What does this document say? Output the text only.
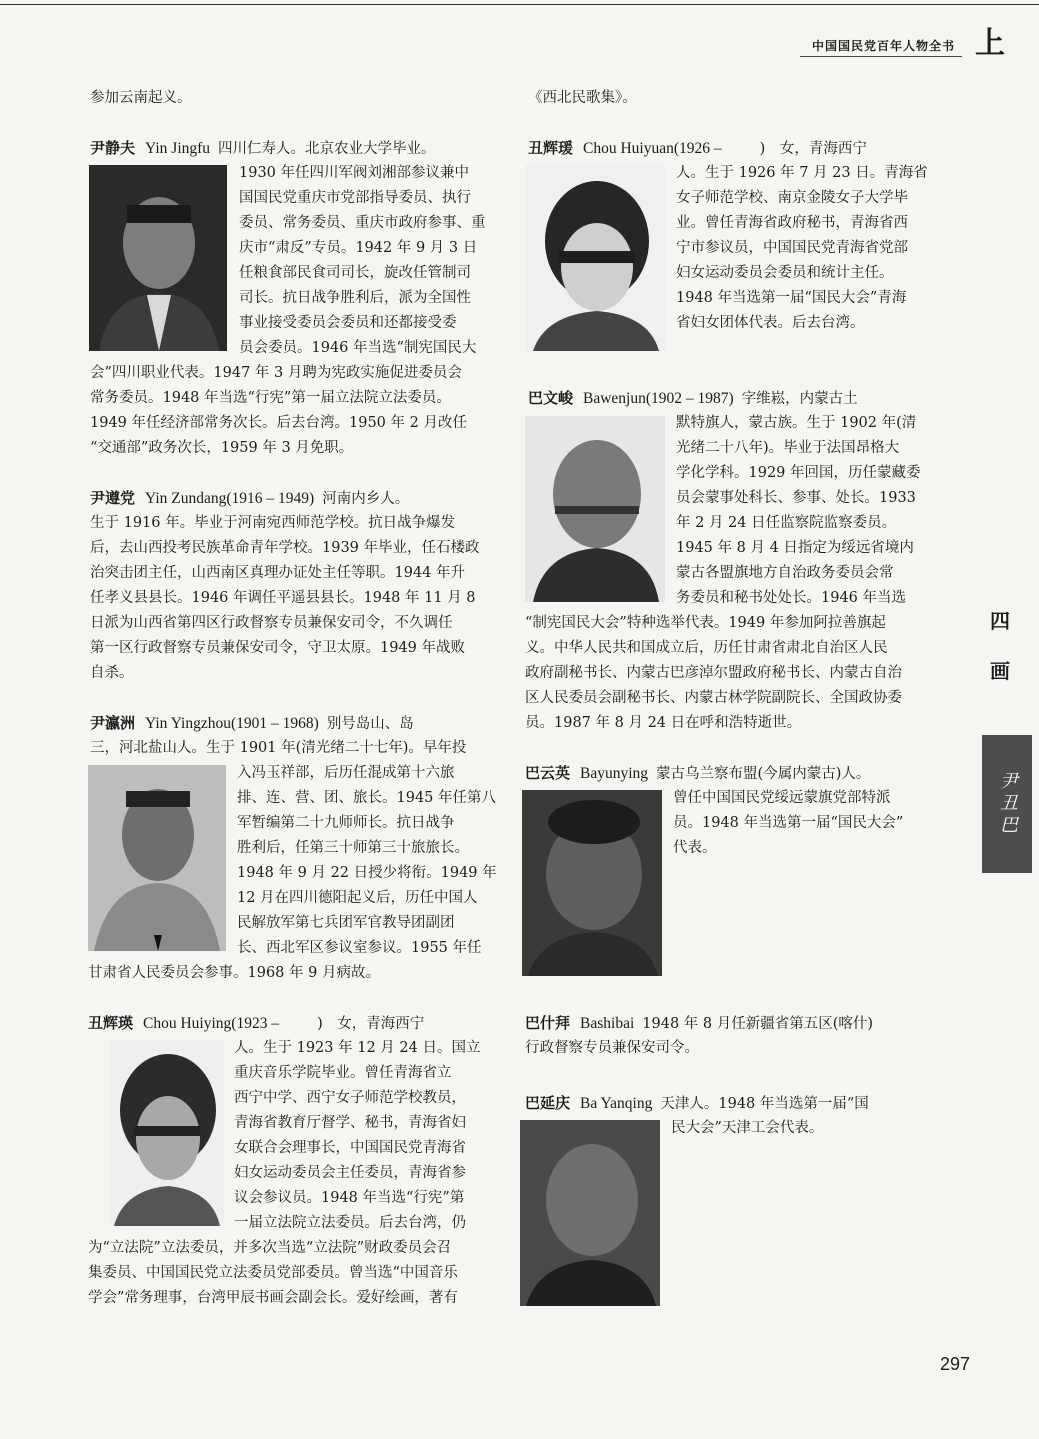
中国国民党百年人物全书 上
参加云南起义。
尹静夫 Yin Jingfu 四川仁寿人。北京农业大学毕业。
1930 年任四川军阀刘湘部参议兼中
国国民党重庆市党部指导委员、执行
委员、常务委员、重庆市政府参事、重
庆市“肃反”专员。1942 年 9 月 3 日
任粮食部民食司司长，旋改任管制司
司长。抗日战争胜利后，派为全国性
事业接受委员会委员和还都接受委
员会委员。1946 年当选“制宪国民大
会”四川职业代表。1947 年 3 月聘为宪政实施促进委员会
常务委员。1948 年当选“行宪”第一届立法院立法委员。
1949 年任经济部常务次长。后去台湾。1950 年 2 月改任
“交通部”政务次长，1959 年 3 月免职。
尹遵党 Yin Zundang(1916 – 1949) 河南内乡人。
生于 1916 年。毕业于河南宛西师范学校。抗日战争爆发
后，去山西投考民族革命青年学校。1939 年毕业，任石楼政
治突击团主任，山西南区真理办证处主任等职。1944 年升
任孝义县县长。1946 年调任平遥县县长。1948 年 11 月 8
日派为山西省第四区行政督察专员兼保安司令，不久调任
第一区行政督察专员兼保安司令，守卫太原。1949 年战败
自杀。
尹瀛洲 Yin Yingzhou(1901 – 1968) 别号岛山、岛
三，河北盐山人。生于 1901 年(清光绪二十七年)。早年投
入冯玉祥部，后历任混成第十六旅
排、连、营、团、旅长。1945 年任第八
军暂编第二十九师师长。抗日战争
胜利后，任第三十师第三十旅旅长。
1948 年 9 月 22 日授少将衔。1949 年
12 月在四川德阳起义后，历任中国人
民解放军第七兵团军官教导团副团
长、西北军区参议室参议。1955 年任
甘肃省人民委员会参事。1968 年 9 月病故。
丑辉瑛 Chou Huiying(1923 –	)　女，青海西宁
人。生于 1923 年 12 月 24 日。国立
重庆音乐学院毕业。曾任青海省立
西宁中学、西宁女子师范学校教员，
青海省教育厅督学、秘书，青海省妇
女联合会理事长，中国国民党青海省
妇女运动委员会主任委员，青海省参
议会参议员。1948 年当选“行宪”第
一届立法院立法委员。后去台湾，仍
为“立法院”立法委员，并多次当选“立法院”财政委员会召
集委员、中国国民党立法委员党部委员。曾当选“中国音乐
学会”常务理事，台湾甲辰书画会副会长。爱好绘画，著有
《西北民歌集》。
丑辉瑗 Chou Huiyuan(1926 –	)　女，青海西宁
人。生于 1926 年 7 月 23 日。青海省
女子师范学校、南京金陵女子大学毕
业。曾任青海省政府秘书，青海省西
宁市参议员，中国国民党青海省党部
妇女运动委员会委员和统计主任。
1948 年当选第一届“国民大会”青海
省妇女团体代表。后去台湾。
巴文峻 Bawenjun(1902 – 1987) 字维崧，内蒙古土
默特旗人，蒙古族。生于 1902 年(清
光绪二十八年)。毕业于法国昂格大
学化学科。1929 年回国，历任蒙藏委
员会蒙事处科长、参事、处长。1933
年 2 月 24 日任监察院监察委员。
1945 年 8 月 4 日指定为绥远省境内
蒙古各盟旗地方自治政务委员会常
务委员和秘书处处长。1946 年当选
“制宪国民大会”特种选举代表。1949 年参加阿拉善旗起
义。中华人民共和国成立后，历任甘肃省肃北自治区人民
政府副秘书长、内蒙古巴彦淖尔盟政府秘书长、内蒙古自治
区人民委员会副秘书长、内蒙古林学院副院长、全国政协委
员。1987 年 8 月 24 日在呼和浩特逝世。
巴云英 Bayunying 蒙古乌兰察布盟(今属内蒙古)人。
曾任中国国民党绥远蒙旗党部特派
员。1948 年当选第一届“国民大会”
代表。
巴什拜 Bashibai 1948 年 8 月任新疆省第五区(喀什)
行政督察专员兼保安司令。
巴延庆 Ba Yanqing 天津人。1948 年当选第一届“国
民大会”天津工会代表。
四
画
尹丑巴
297
